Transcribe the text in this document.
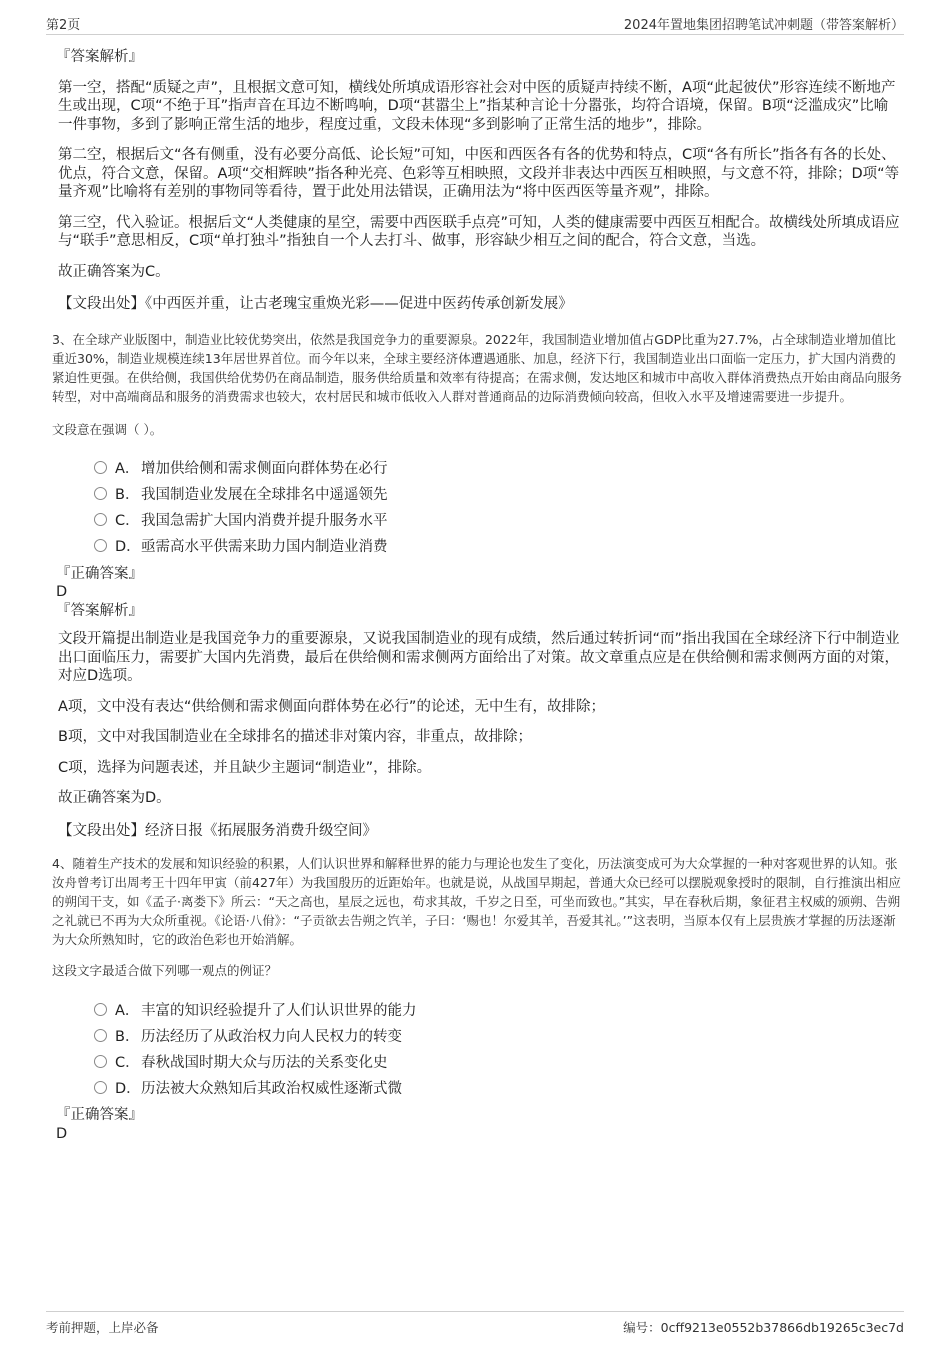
第2页	2024年置地集团招聘笔试冲刺题（带答案解析）
『答案解析』
第一空，搭配“质疑之声”，且根据文意可知，横线处所填成语形容社会对中医的质疑声持续不断，A项“此起彼伏”形容连续不断地产生或出现，C项“不绝于耳”指声音在耳边不断鸣响，D项“甚嚣尘上”指某种言论十分嚣张，均符合语境，保留。B项“泛滥成灾”比喻一件事物，多到了影响正常生活的地步，程度过重，文段未体现“多到影响了正常生活的地步”，排除。
第二空，根据后文“各有侧重，没有必要分高低、论长短”可知，中医和西医各有各的优势和特点，C项“各有所长”指各有各的长处、优点，符合文意，保留。A项“交相辉映”指各种光亮、色彩等互相映照，文段并非表达中西医互相映照，与文意不符，排除；D项“等量齐观”比喻将有差别的事物同等看待，置于此处用法错误，正确用法为“将中医西医等量齐观”，排除。
第三空，代入验证。根据后文“人类健康的星空，需要中西医联手点亮”可知，人类的健康需要中西医互相配合。故横线处所填成语应与“联手”意思相反，C项“单打独斗”指独自一个人去打斗、做事，形容缺少相互之间的配合，符合文意，当选。
故正确答案为C。
【文段出处】《中西医并重，让古老瑰宝重焕光彩——促进中医药传承创新发展》
3、在全球产业版图中，制造业比较优势突出，依然是我国竞争力的重要源泉。2022年，我国制造业增加值占GDP比重为27.7%，占全球制造业增加值比重近30%，制造业规模连续13年居世界首位。而今年以来，全球主要经济体遭遇通胀、加息，经济下行，我国制造业出口面临一定压力，扩大国内消费的紧迫性更强。在供给侧，我国供给优势仍在商品制造，服务供给质量和效率有待提高；在需求侧，发达地区和城市中高收入群体消费热点开始由商品向服务转型，对中高端商品和服务的消费需求也较大，农村居民和城市低收入人群对普通商品的边际消费倾向较高，但收入水平及增速需要进一步提升。
文段意在强调（ ）。
A． 增加供给侧和需求侧面向群体势在必行
B． 我国制造业发展在全球排名中遥遥领先
C． 我国急需扩大国内消费并提升服务水平
D． 亟需高水平供需来助力国内制造业消费
『正确答案』
D
『答案解析』
文段开篇提出制造业是我国竞争力的重要源泉，又说我国制造业的现有成绩，然后通过转折词“而”指出我国在全球经济下行中制造业出口面临压力，需要扩大国内先消费，最后在供给侧和需求侧两方面给出了对策。故文章重点应是在供给侧和需求侧两方面的对策，对应D选项。
A项，文中没有表达“供给侧和需求侧面向群体势在必行”的论述，无中生有，故排除；
B项，文中对我国制造业在全球排名的描述非对策内容，非重点，故排除；
C项，选择为问题表述，并且缺少主题词“制造业”，排除。
故正确答案为D。
【文段出处】经济日报《拓展服务消费升级空间》
4、随着生产技术的发展和知识经验的积累，人们认识世界和解释世界的能力与理论也发生了变化，历法演变成可为大众掌握的一种对客观世界的认知。张汝舟曾考订出周考王十四年甲寅（前427年）为我国殷历的近距始年。也就是说，从战国早期起，普通大众已经可以摆脱观象授时的限制，自行推演出相应的朔闰干支，如《孟子·离娄下》所云：“天之高也，星辰之远也，苟求其故，千岁之日至，可坐而致也。”其实，早在春秋后期，象征君主权威的颁朔、告朔之礼就已不再为大众所重视。《论语·八佾》：“子贡欲去告朔之饩羊，子曰：‘赐也！尔爱其羊，吾爱其礼。’”这表明，当原本仅有上层贵族才掌握的历法逐渐为大众所熟知时，它的政治色彩也开始消解。
这段文字最适合做下列哪一观点的例证？
A． 丰富的知识经验提升了人们认识世界的能力
B． 历法经历了从政治权力向人民权力的转变
C． 春秋战国时期大众与历法的关系变化史
D． 历法被大众熟知后其政治权威性逐渐式微
『正确答案』
D
考前押题，上岸必备	编号：0cff9213e0552b37866db19265c3ec7d
